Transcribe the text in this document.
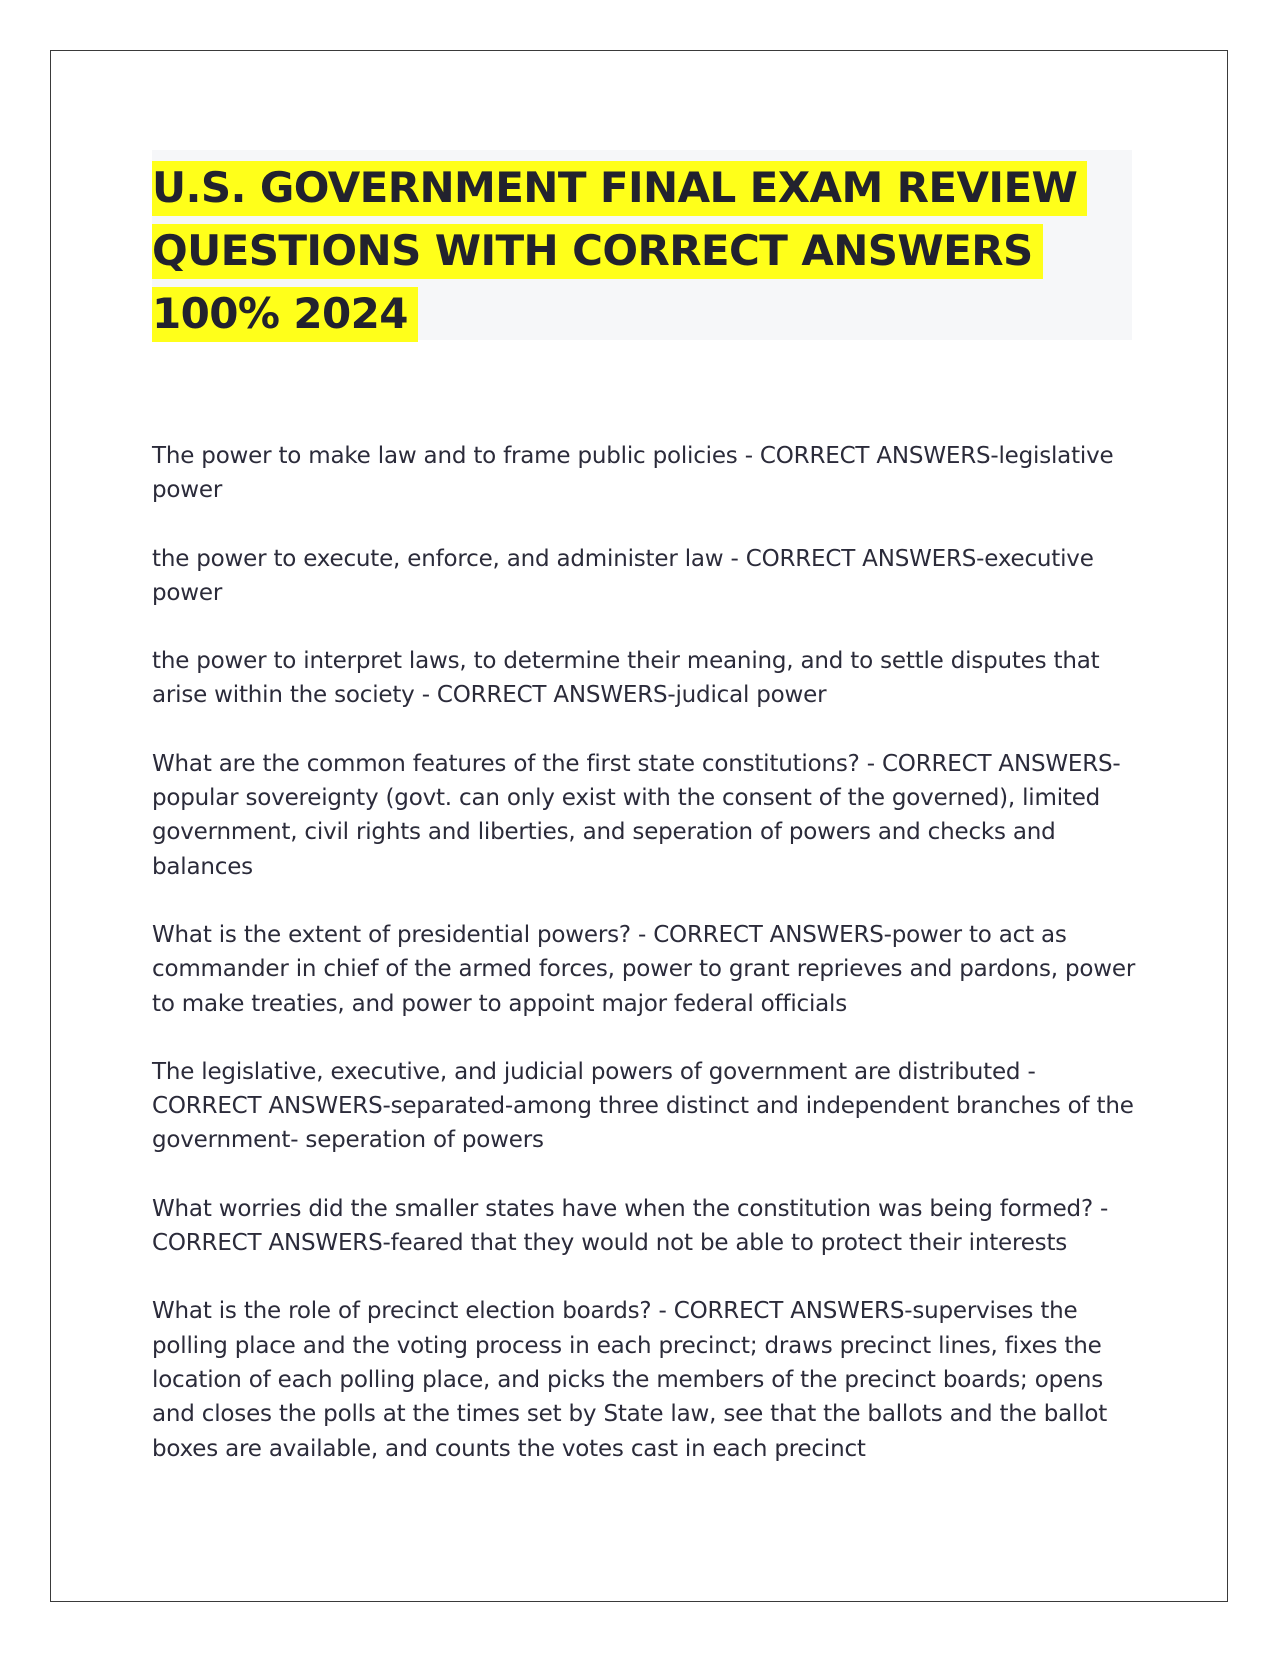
U.S. GOVERNMENT FINAL EXAM REVIEW QUESTIONS WITH CORRECT ANSWERS 100% 2024
The power to make law and to frame public policies - CORRECT ANSWERS-legislative power
the power to execute, enforce, and administer law - CORRECT ANSWERS-executive power
the power to interpret laws, to determine their meaning, and to settle disputes that arise within the society - CORRECT ANSWERS-judical power
What are the common features of the first state constitutions? - CORRECT ANSWERS-popular sovereignty (govt. can only exist with the consent of the governed), limited government, civil rights and liberties, and seperation of powers and checks and balances
What is the extent of presidential powers? - CORRECT ANSWERS-power to act as commander in chief of the armed forces, power to grant reprieves and pardons, power to make treaties, and power to appoint major federal officials
The legislative, executive, and judicial powers of government are distributed - CORRECT ANSWERS-separated-among three distinct and independent branches of the government- seperation of powers
What worries did the smaller states have when the constitution was being formed? - CORRECT ANSWERS-feared that they would not be able to protect their interests
What is the role of precinct election boards? - CORRECT ANSWERS-supervises the polling place and the voting process in each precinct; draws precinct lines, fixes the location of each polling place, and picks the members of the precinct boards; opens and closes the polls at the times set by State law, see that the ballots and the ballot boxes are available, and counts the votes cast in each precinct
